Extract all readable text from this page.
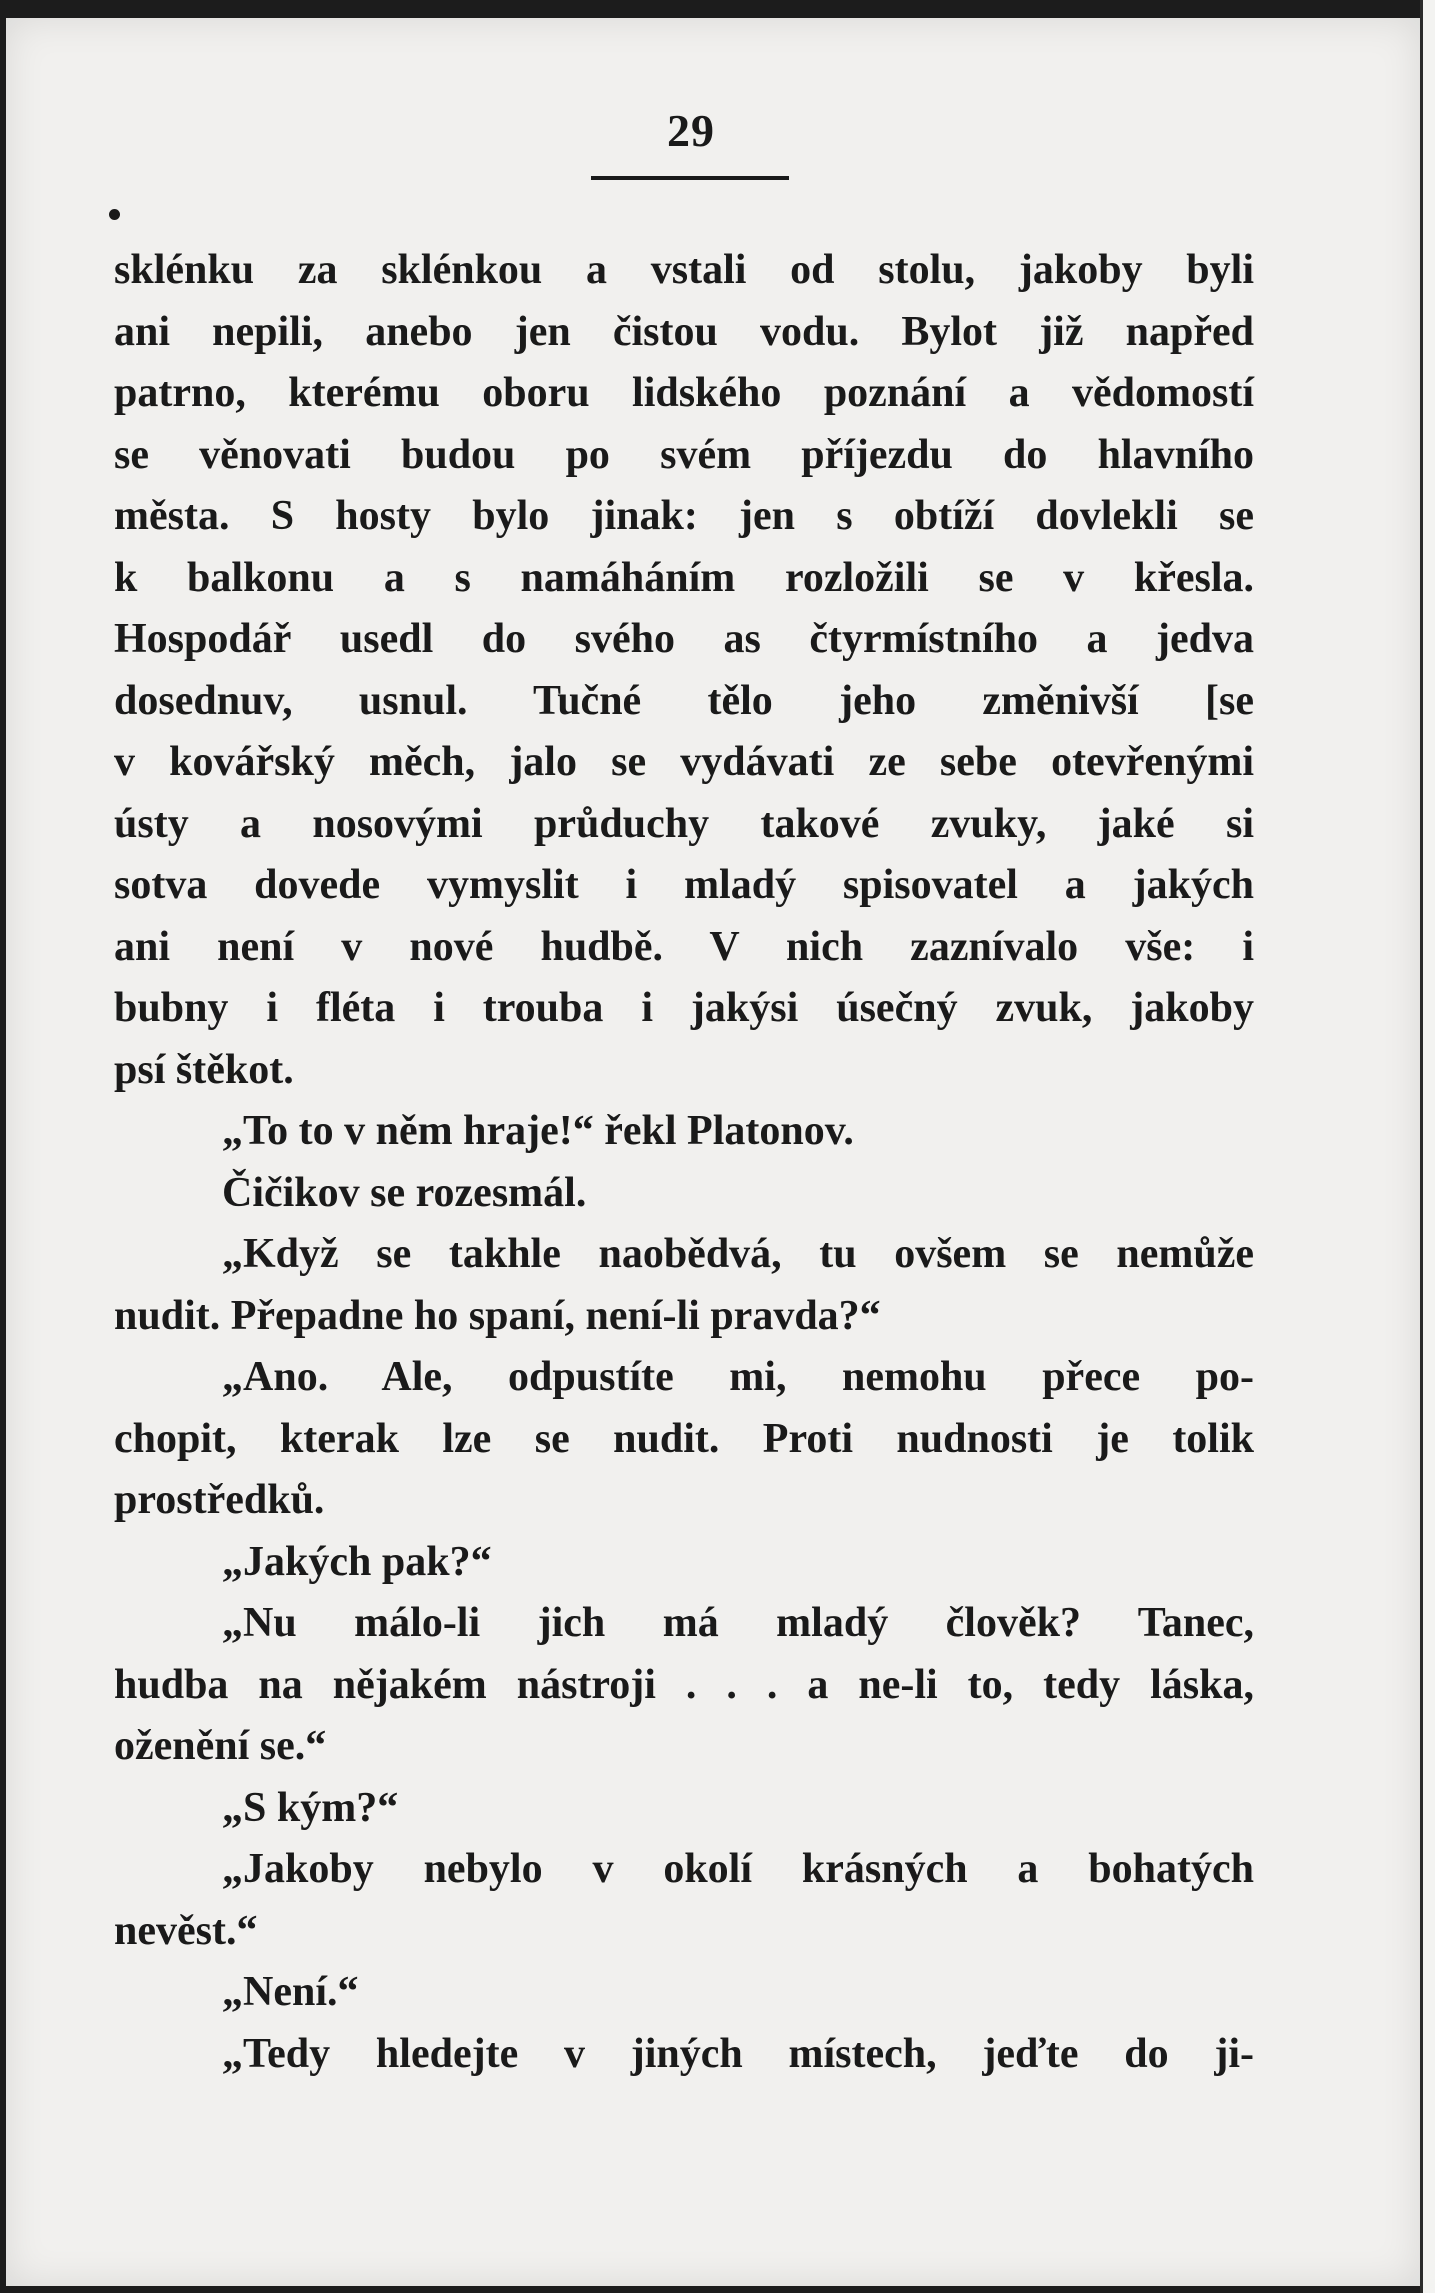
29
sklénku za sklénkou a vstali od stolu, jakoby byli
ani nepili, anebo jen čistou vodu. Bylot již napřed
patrno, kterému oboru lidského poznání a vědomostí
se věnovati budou po svém příjezdu do hlavního
města. S hosty bylo jinak: jen s obtíží dovlekli se
k balkonu a s namáháním rozložili se v křesla.
Hospodář usedl do svého as čtyrmístního a jedva
dosednuv, usnul. Tučné tělo jeho změnivší [se
v kovářský měch, jalo se vydávati ze sebe otevřenými
ústy a nosovými průduchy takové zvuky, jaké si
sotva dovede vymyslit i mladý spisovatel a jakých
ani není v nové hudbě. V nich zaznívalo vše: i
bubny i fléta i trouba i jakýsi úsečný zvuk, jakoby
psí štěkot.
„To to v něm hraje!“ řekl Platonov.
Čičikov se rozesmál.
„Když se takhle naobědvá, tu ovšem se nemůže
nudit. Přepadne ho spaní, není-li pravda?“
„Ano. Ale, odpustíte mi, nemohu přece po-
chopit, kterak lze se nudit. Proti nudnosti je tolik
prostředků.
„Jakých pak?“
„Nu málo-li jich má mladý člověk? Tanec,
hudba na nějakém nástroji . . . a ne-li to, tedy láska,
oženění se.“
„S kým?“
„Jakoby nebylo v okolí krásných a bohatých
nevěst.“
„Není.“
„Tedy hledejte v jiných místech, jeďte do ji-
